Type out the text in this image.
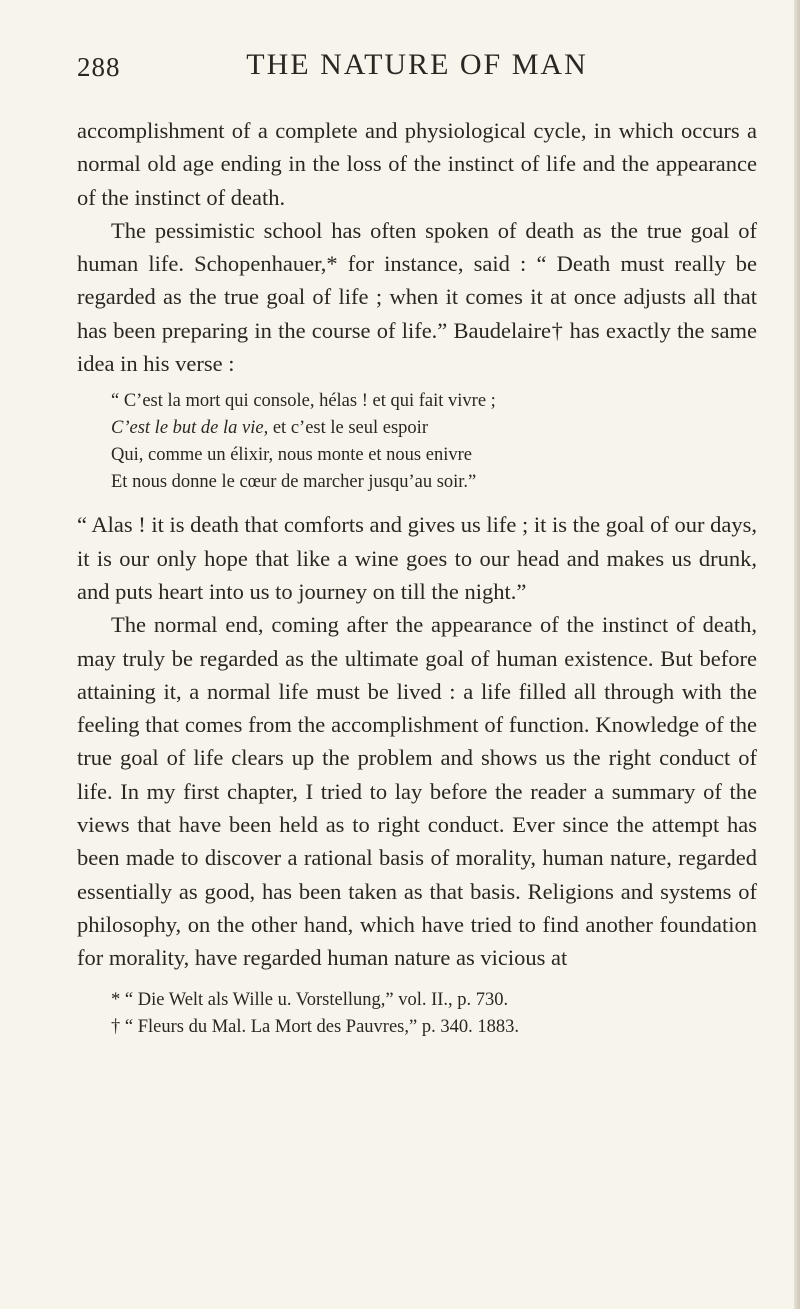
288	THE NATURE OF MAN

accomplishment of a complete and physiological cycle, in which occurs a normal old age ending in the loss of the instinct of life and the appearance of the instinct of death.

The pessimistic school has often spoken of death as the true goal of human life. Schopenhauer,* for instance, said : “ Death must really be regarded as the true goal of life ; when it comes it at once adjusts all that has been preparing in the course of life.” Baudelaire† has exactly the same idea in his verse :

“ C’est la mort qui console, hélas ! et qui fait vivre ;
C’est le but de la vie, et c’est le seul espoir
Qui, comme un élixir, nous monte et nous enivre
Et nous donne le cœur de marcher jusqu’au soir.”

“ Alas ! it is death that comforts and gives us life ; it is the goal of our days, it is our only hope that like a wine goes to our head and makes us drunk, and puts heart into us to journey on till the night.”

The normal end, coming after the appearance of the instinct of death, may truly be regarded as the ultimate goal of human existence. But before attaining it, a normal life must be lived : a life filled all through with the feeling that comes from the accomplishment of function. Knowledge of the true goal of life clears up the problem and shows us the right conduct of life. In my first chapter, I tried to lay before the reader a summary of the views that have been held as to right conduct. Ever since the attempt has been made to discover a rational basis of morality, human nature, regarded essentially as good, has been taken as that basis. Religions and systems of philosophy, on the other hand, which have tried to find another foundation for morality, have regarded human nature as vicious at

* “ Die Welt als Wille u. Vorstellung,” vol. II., p. 730.
† “ Fleurs du Mal. La Mort des Pauvres,” p. 340. 1883.
